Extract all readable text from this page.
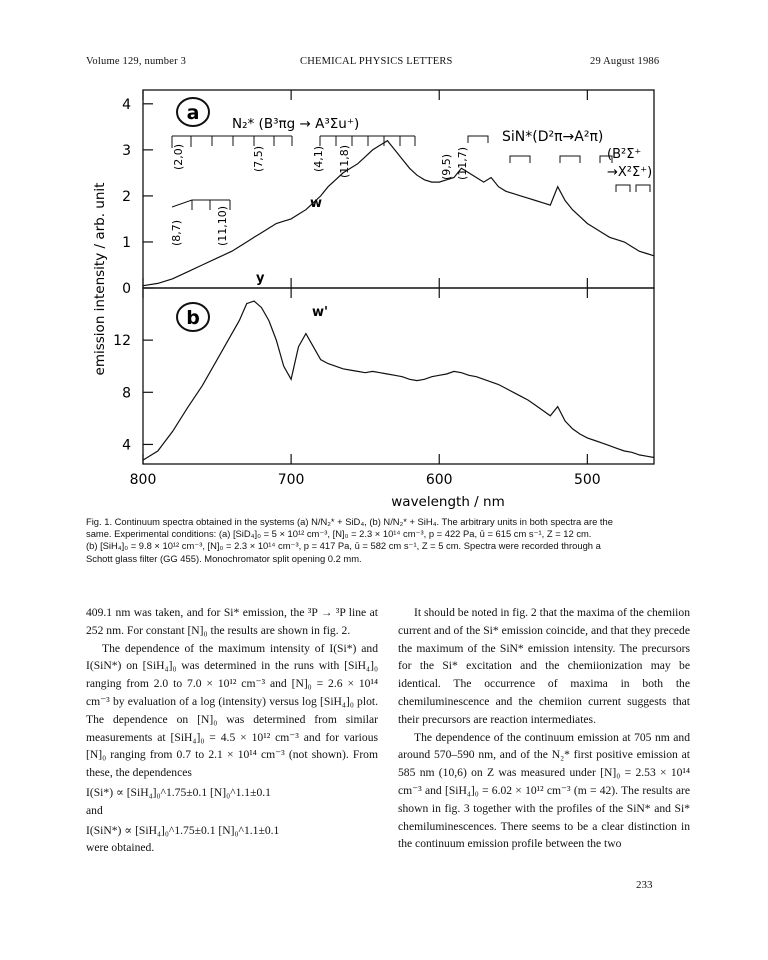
Volume 129, number 3	CHEMICAL PHYSICS LETTERS	29 August 1986
a
b
N₂* (B³πg → A³Σu⁺)
SiN*(D²π→A²π)
(B²Σ⁺
→X²Σ⁺)
(2,0)	(7,5)	(4,1) (11,8)	(9,5) (11,7)
(8,7)	(11,10)
w
y
w'
emission intensity / arb. unit
wavelength / nm
0
1
2
3
4
4
8
12
800	700	600	500

Fig. 1. Continuum spectra obtained in the systems (a) N/N₂* + SiD₄, (b) N/N₂* + SiH₄. The arbitrary units in both spectra are the

same. Experimental conditions: (a) [SiD₄]₀ = 5 × 10¹² cm⁻³, [N]₀ = 2.3 × 10¹⁴ cm⁻³, p = 422 Pa, ū = 615 cm s⁻¹, Z = 12 cm.

(b) [SiH₄]₀ = 9.8 × 10¹² cm⁻³, [N]₀ = 2.3 × 10¹⁴ cm⁻³, p = 417 Pa, ū = 582 cm s⁻¹, Z = 5 cm. Spectra were recorded through a

Schott glass filter (GG 455). Monochromator split opening 0.2 mm.

409.1 nm was taken, and for Si* emission, the ³P → ³P line at 252 nm. For constant [N]₀ the results are shown in fig. 2.

The dependence of the maximum intensity of I(Si*) and I(SiN*) on [SiH₄]₀ was determined in the runs with [SiH₄]₀ ranging from 2.0 to 7.0 × 10¹² cm⁻³ and [N]₀ = 2.6 × 10¹⁴ cm⁻³ by evaluation of a log (intensity) versus log [SiH₄]₀ plot. The dependence on [N]₀ was determined from similar measurements at [SiH₄]₀ = 4.5 × 10¹² cm⁻³ and for various [N]₀ ranging from 0.7 to 2.1 × 10¹⁴ cm⁻³ (not shown). From these, the dependences

I(Si*) ∝ [SiH₄]₀^1.75±0.1 [N]₀^1.1±0.1

and

I(SiN*) ∝ [SiH₄]₀^1.75±0.1 [N]₀^1.1±0.1

were obtained.

It should be noted in fig. 2 that the maxima of the chemiion current and of the Si* emission coincide, and that they precede the maximum of the SiN* emission intensity. The precursors for the Si* excitation and the chemiionization may be identical. The occurrence of maxima in both the chemiluminescence and the chemiion current suggests that their precursors are reaction intermediates.

The dependence of the continuum emission at 705 nm and around 570–590 nm, and of the N₂* first positive emission at 585 nm (10,6) on Z was measured under [N]₀ = 2.53 × 10¹⁴ cm⁻³ and [SiH₄]₀ = 6.02 × 10¹² cm⁻³ (m = 42). The results are shown in fig. 3 together with the profiles of the SiN* and Si* chemiluminescences. There seems to be a clear distinction in the continuum emission profile between the two

233
